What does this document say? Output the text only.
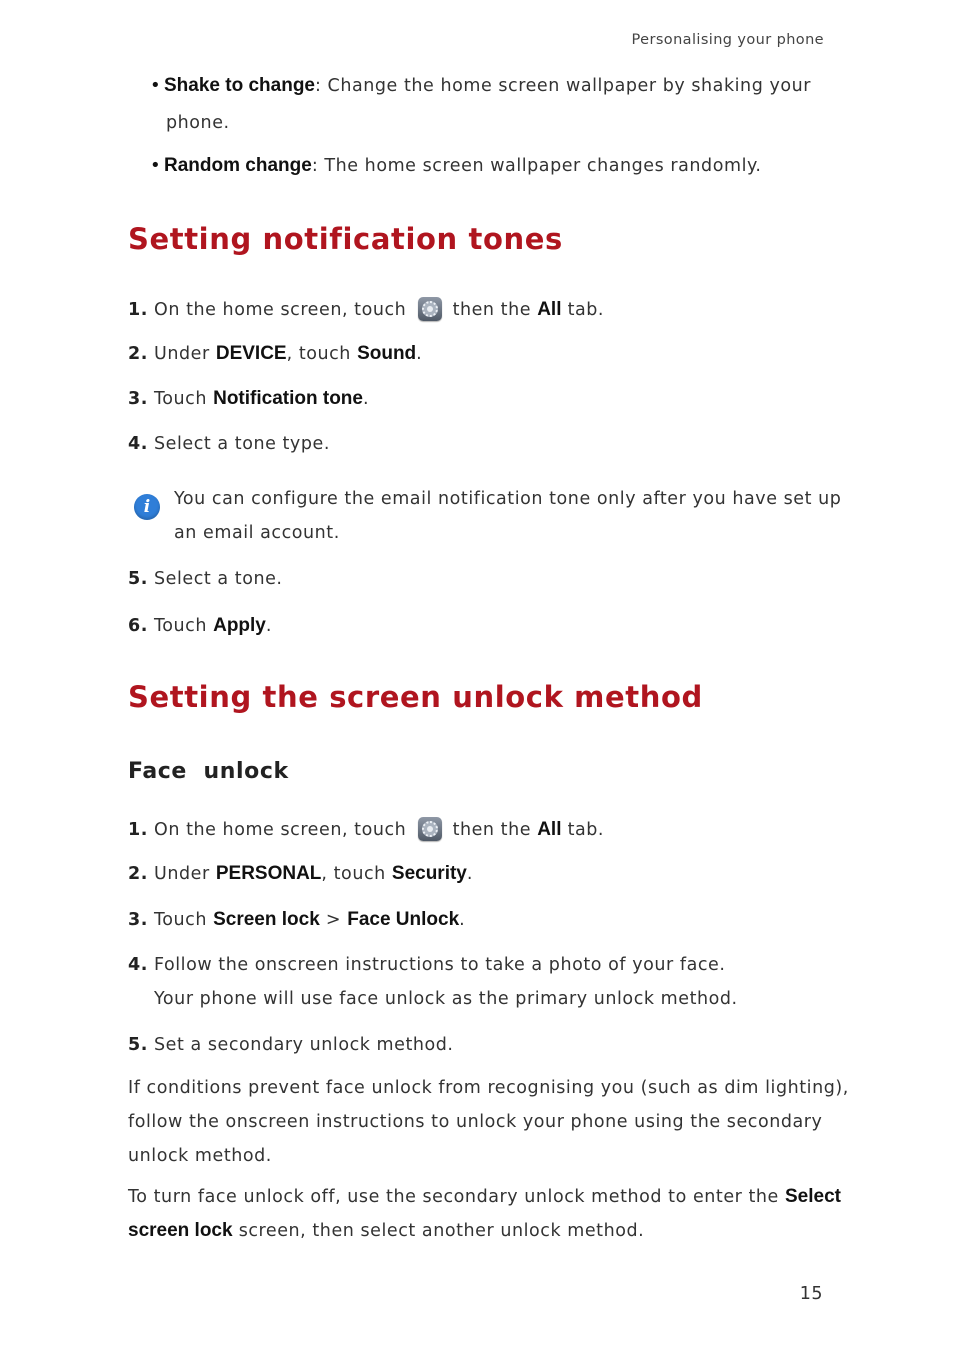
Personalising your phone
• Shake to change: Change the home screen wallpaper by shaking your
phone.
• Random change: The home screen wallpaper changes randomly.
Setting notification tones
1. On the home screen, touch	then the All tab.
2. Under DEVICE, touch Sound.
3. Touch Notification tone.
4. Select a tone type.
i	You can configure the email notification tone only after you have set up
an email account.
5. Select a tone.
6. Touch Apply.
Setting the screen unlock method
Face  unlock
1. On the home screen, touch	then the All tab.
2. Under PERSONAL, touch Security.
3. Touch Screen lock > Face Unlock.
4. Follow the onscreen instructions to take a photo of your face.
Your phone will use face unlock as the primary unlock method.
5. Set a secondary unlock method.
If conditions prevent face unlock from recognising you (such as dim lighting),
follow the onscreen instructions to unlock your phone using the secondary
unlock method.
To turn face unlock off, use the secondary unlock method to enter the Select
screen lock screen, then select another unlock method.
15
